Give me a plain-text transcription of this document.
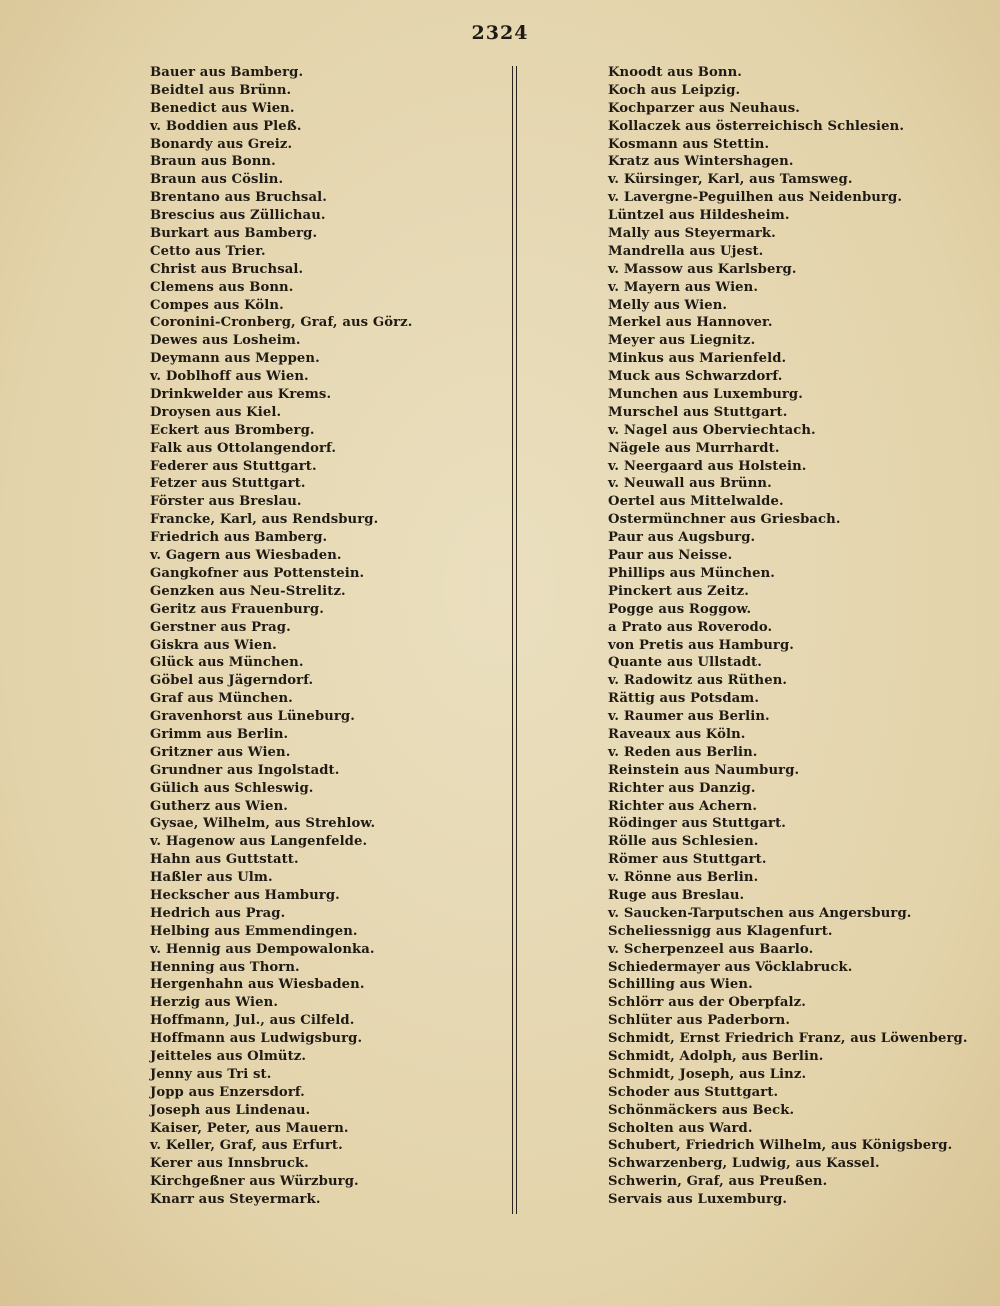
2324
Bauer aus Bamberg.
Beidtel aus Brünn.
Benedict aus Wien.
v. Boddien aus Pleß.
Bonardy aus Greiz.
Braun aus Bonn.
Braun aus Cöslin.
Brentano aus Bruchsal.
Brescius aus Züllichau.
Burkart aus Bamberg.
Cetto aus Trier.
Christ aus Bruchsal.
Clemens aus Bonn.
Compes aus Köln.
Coronini-Cronberg, Graf, aus Görz.
Dewes aus Losheim.
Deymann aus Meppen.
v. Doblhoff aus Wien.
Drinkwelder aus Krems.
Droysen aus Kiel.
Eckert aus Bromberg.
Falk aus Ottolangendorf.
Federer aus Stuttgart.
Fetzer aus Stuttgart.
Förster aus Breslau.
Francke, Karl, aus Rendsburg.
Friedrich aus Bamberg.
v. Gagern aus Wiesbaden.
Gangkofner aus Pottenstein.
Genzken aus Neu-Strelitz.
Geritz aus Frauenburg.
Gerstner aus Prag.
Giskra aus Wien.
Glück aus München.
Göbel aus Jägerndorf.
Graf aus München.
Gravenhorst aus Lüneburg.
Grimm aus Berlin.
Gritzner aus Wien.
Grundner aus Ingolstadt.
Gülich aus Schleswig.
Gutherz aus Wien.
Gysae, Wilhelm, aus Strehlow.
v. Hagenow aus Langenfelde.
Hahn aus Guttstatt.
Haßler aus Ulm.
Heckscher aus Hamburg.
Hedrich aus Prag.
Helbing aus Emmendingen.
v. Hennig aus Dempowalonka.
Henning aus Thorn.
Hergenhahn aus Wiesbaden.
Herzig aus Wien.
Hoffmann, Jul., aus Cilfeld.
Hoffmann aus Ludwigsburg.
Jeitteles aus Olmütz.
Jenny aus Tri st.
Jopp aus Enzersdorf.
Joseph aus Lindenau.
Kaiser, Peter, aus Mauern.
v. Keller, Graf, aus Erfurt.
Kerer aus Innsbruck.
Kirchgeßner aus Würzburg.
Knarr aus Steyermark.
Knoodt aus Bonn.
Koch aus Leipzig.
Kochparzer aus Neuhaus.
Kollaczek aus österreichisch Schlesien.
Kosmann aus Stettin.
Kratz aus Wintershagen.
v. Kürsinger, Karl, aus Tamsweg.
v. Lavergne-Peguilhen aus Neidenburg.
Lüntzel aus Hildesheim.
Mally aus Steyermark.
Mandrella aus Ujest.
v. Massow aus Karlsberg.
v. Mayern aus Wien.
Melly aus Wien.
Merkel aus Hannover.
Meyer aus Liegnitz.
Minkus aus Marienfeld.
Muck aus Schwarzdorf.
Munchen aus Luxemburg.
Murschel aus Stuttgart.
v. Nagel aus Oberviechtach.
Nägele aus Murrhardt.
v. Neergaard aus Holstein.
v. Neuwall aus Brünn.
Oertel aus Mittelwalde.
Ostermünchner aus Griesbach.
Paur aus Augsburg.
Paur aus Neisse.
Phillips aus München.
Pinckert aus Zeitz.
Pogge aus Roggow.
a Prato aus Roverodo.
von Pretis aus Hamburg.
Quante aus Ullstadt.
v. Radowitz aus Rüthen.
Rättig aus Potsdam.
v. Raumer aus Berlin.
Raveaux aus Köln.
v. Reden aus Berlin.
Reinstein aus Naumburg.
Richter aus Danzig.
Richter aus Achern.
Rödinger aus Stuttgart.
Rölle aus Schlesien.
Römer aus Stuttgart.
v. Rönne aus Berlin.
Ruge aus Breslau.
v. Saucken-Tarputschen aus Angersburg.
Scheliessnigg aus Klagenfurt.
v. Scherpenzeel aus Baarlo.
Schiedermayer aus Vöcklabruck.
Schilling aus Wien.
Schlörr aus der Oberpfalz.
Schlüter aus Paderborn.
Schmidt, Ernst Friedrich Franz, aus Löwenberg.
Schmidt, Adolph, aus Berlin.
Schmidt, Joseph, aus Linz.
Schoder aus Stuttgart.
Schönmäckers aus Beck.
Scholten aus Ward.
Schubert, Friedrich Wilhelm, aus Königsberg.
Schwarzenberg, Ludwig, aus Kassel.
Schwerin, Graf, aus Preußen.
Servais aus Luxemburg.
